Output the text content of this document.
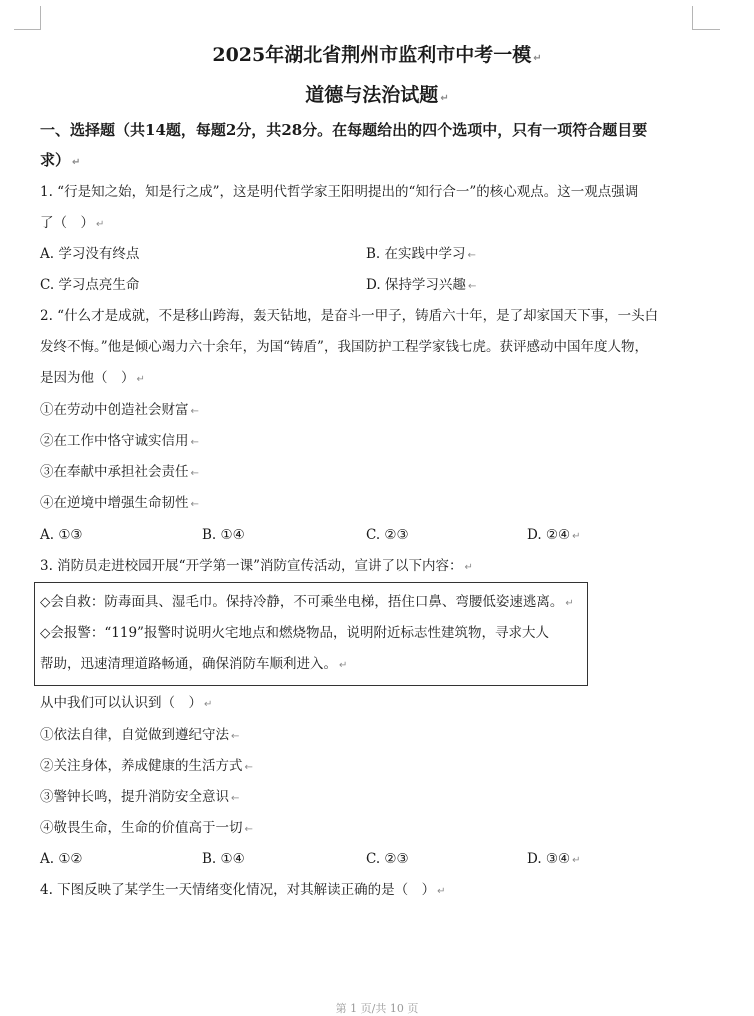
2025年湖北省荆州市监利市中考一模 ↵
道德与法治试题 ↵
一、选择题（共14题，每题2分，共28分。在每题给出的四个选项中，只有一项符合题目要
求） ↵
1. “行是知之始，知是行之成”，这是明代哲学家王阳明提出的“知行合一”的核心观点。这一观点强调
了（　） ↵
A. 学习没有终点	B. 在实践中学习 ←
C. 学习点亮生命	D. 保持学习兴趣 ←
2. “什么才是成就，不是移山跨海，轰天钻地，是奋斗一甲子，铸盾六十年，是了却家国天下事，一头白
发终不悔。”他是倾心竭力六十余年，为国“铸盾”，我国防护工程学家钱七虎。获评感动中国年度人物，
是因为他（　） ↵
①在劳动中创造社会财富 ←
②在工作中恪守诚实信用 ←
③在奉献中承担社会责任 ←
④在逆境中增强生命韧性 ←
A. ①③	B. ①④	C. ②③	D. ②④ ↵
3. 消防员走进校园开展“开学第一课”消防宣传活动，宣讲了以下内容： ↵
◇会自救：防毒面具、湿毛巾。保持冷静，不可乘坐电梯，捂住口鼻、弯腰低姿速逃离。 ↵
◇会报警：“119”报警时说明火宅地点和燃烧物品，说明附近标志性建筑物，寻求大人
帮助，迅速清理道路畅通，确保消防车顺利进入。 ↵
从中我们可以认识到（　） ↵
①依法自律，自觉做到遵纪守法 ←
②关注身体，养成健康的生活方式 ←
③警钟长鸣，提升消防安全意识 ←
④敬畏生命，生命的价值高于一切 ←
A. ①②	B. ①④	C. ②③	D. ③④ ↵
4. 下图反映了某学生一天情绪变化情况，对其解读正确的是（　） ↵
第 1 页/共 10 页
